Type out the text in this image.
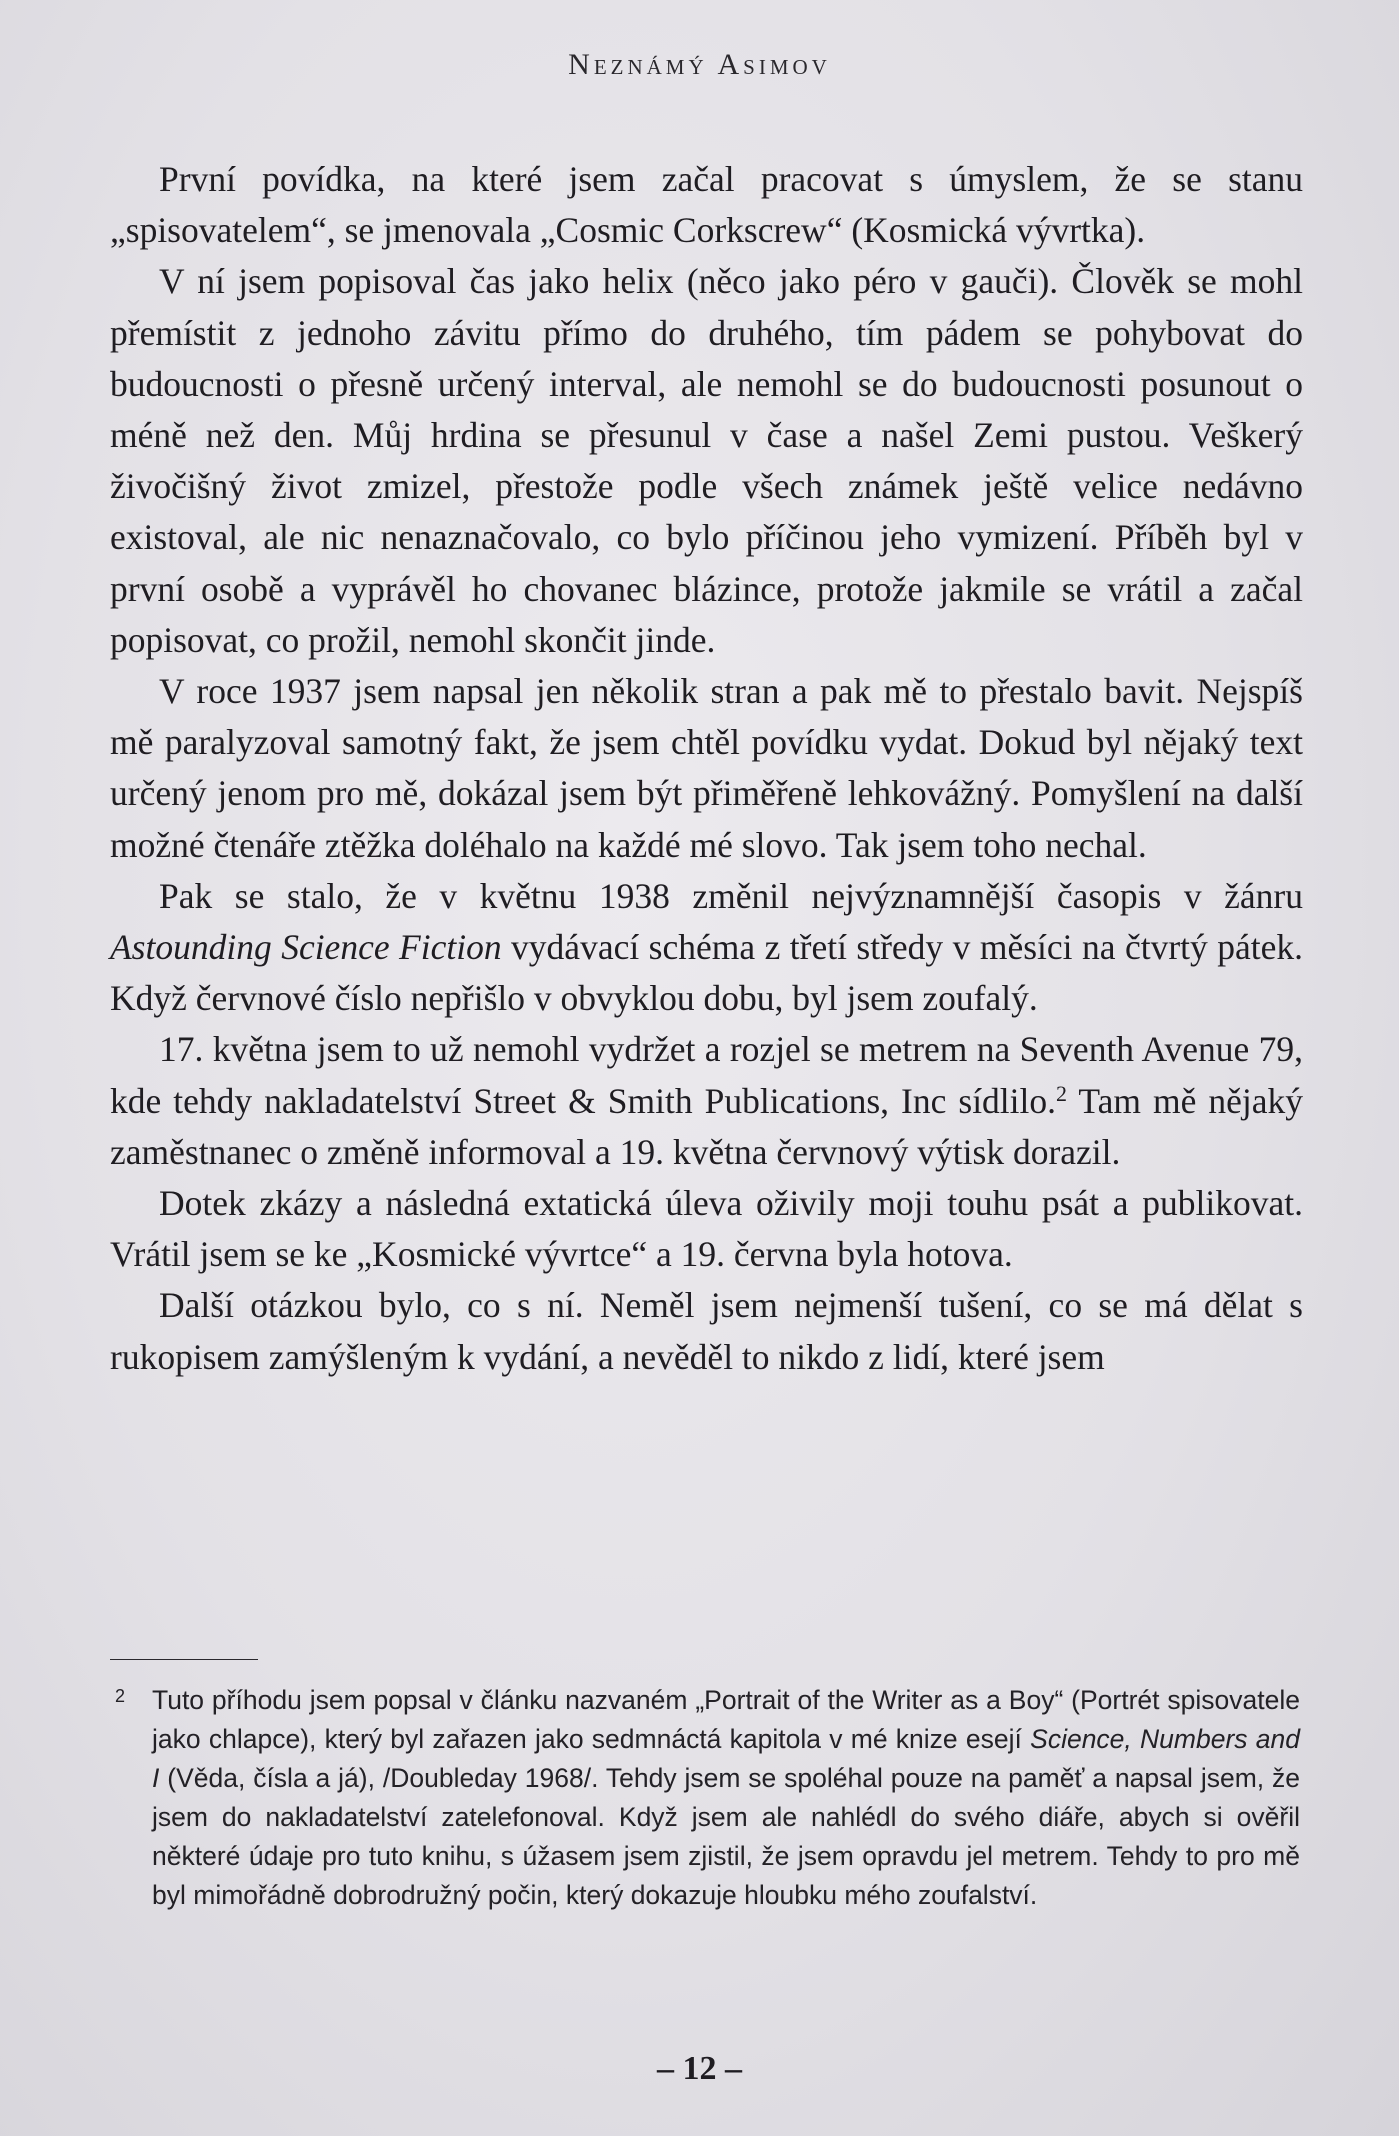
Neznámý Asimov

První povídka, na které jsem začal pracovat s úmyslem, že se stanu „spisovatelem“, se jmenovala „Cosmic Corkscrew“ (Kosmická vývrtka).

V ní jsem popisoval čas jako helix (něco jako péro v gauči). Člověk se mohl přemístit z jednoho závitu přímo do druhého, tím pádem se pohybovat do budoucnosti o přesně určený interval, ale nemohl se do budoucnosti posunout o méně než den. Můj hrdina se přesunul v čase a našel Zemi pustou. Veškerý živočišný život zmizel, přestože podle všech známek ještě velice nedávno existoval, ale nic nenaznačovalo, co bylo příčinou jeho vymizení. Příběh byl v první osobě a vyprávěl ho chovanec blázince, protože jakmile se vrátil a začal popisovat, co prožil, nemohl skončit jinde.

V roce 1937 jsem napsal jen několik stran a pak mě to přestalo bavit. Nejspíš mě paralyzoval samotný fakt, že jsem chtěl povídku vydat. Dokud byl nějaký text určený jenom pro mě, dokázal jsem být přiměřeně lehkovážný. Pomyšlení na další možné čtenáře ztěžka doléhalo na každé mé slovo. Tak jsem toho nechal.

Pak se stalo, že v květnu 1938 změnil nejvýznamnější časopis v žánru Astounding Science Fiction vydávací schéma z třetí středy v měsíci na čtvrtý pátek. Když červnové číslo nepřišlo v obvyklou dobu, byl jsem zoufalý.

17. května jsem to už nemohl vydržet a rozjel se metrem na Seventh Avenue 79, kde tehdy nakladatelství Street & Smith Publications, Inc sídlilo.$^2$ Tam mě nějaký zaměstnanec o změně informoval a 19. května červnový výtisk dorazil.

Dotek zkázy a následná extatická úleva oživily moji touhu psát a publikovat. Vrátil jsem se ke „Kosmické vývrtce“ a 19. června byla hotova.

Další otázkou bylo, co s ní. Neměl jsem nejmenší tušení, co se má dělat s rukopisem zamýšleným k vydání, a nevěděl to nikdo z lidí, které jsem

2	Tuto příhodu jsem popsal v článku nazvaném „Portrait of the Writer as a Boy“ (Portrét spisovatele jako chlapce), který byl zařazen jako sedmnáctá kapitola v mé knize esejí Science, Numbers and I (Věda, čísla a já), /Doubleday 1968/. Tehdy jsem se spoléhal pouze na paměť a napsal jsem, že jsem do nakladatelství zatelefonoval. Když jsem ale nahlédl do svého diáře, abych si ověřil některé údaje pro tuto knihu, s úžasem jsem zjistil, že jsem opravdu jel metrem. Tehdy to pro mě byl mimořádně dobrodružný počin, který dokazuje hloubku mého zoufalství.
– 12 –
